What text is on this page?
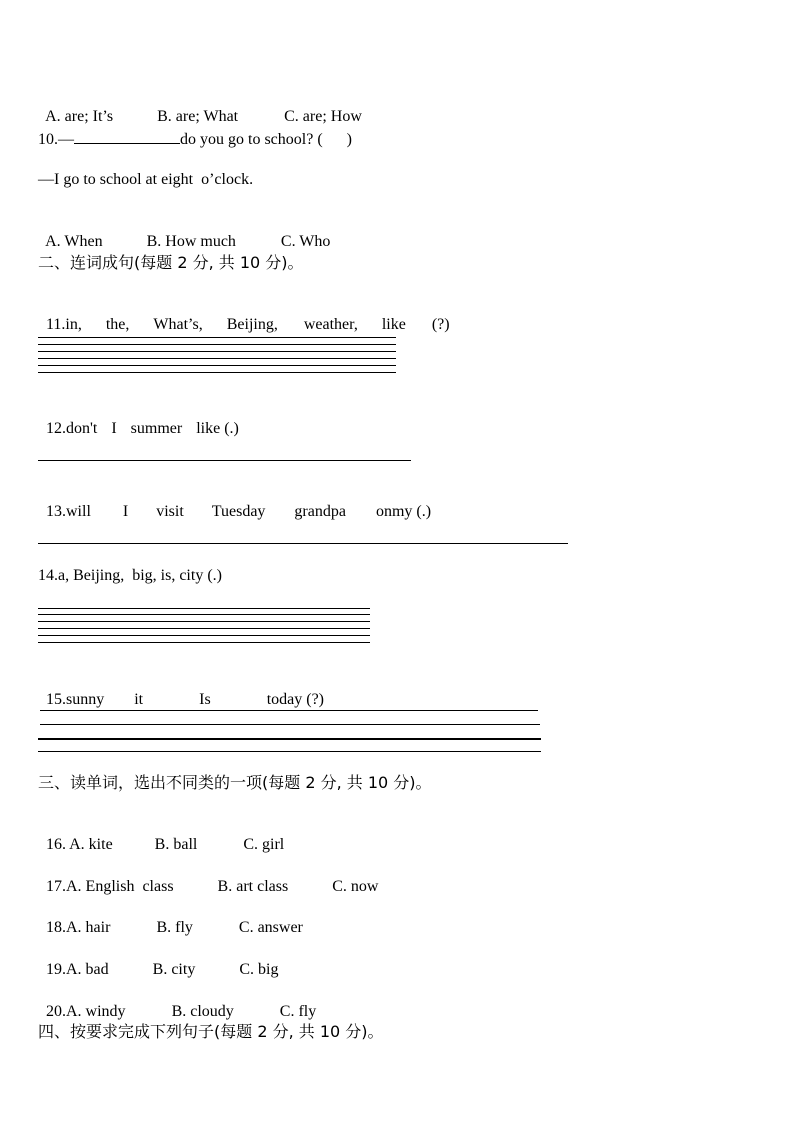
A. are; It’s	B. are; What	C. are; How

10.—	do you go to school? (      )
—I go to school at eight  o’clock.

A. When	B. How much	C. Who

二、连词成句(每题 2 分, 共 10 分)。

11.in, the, What’s, Beijing, weather, like (?)

12.don't I summer like (.)

13.will I visit Tuesday grandpa onmy (.)

14.a, Beijing,  big, is, city (.)

15.sunny it	Is	today (?)

三、读单词，选出不同类的一项(每题 2 分, 共 10 分)。

16. A. kite	B. ball	C. girl

17.A. English  class	B. art class	C. now

18.A. hair	B. fly	C. answer

19.A. bad	B. city	C. big

20.A. windy	B. cloudy	C. fly

四、按要求完成下列句子(每题 2 分, 共 10 分)。
